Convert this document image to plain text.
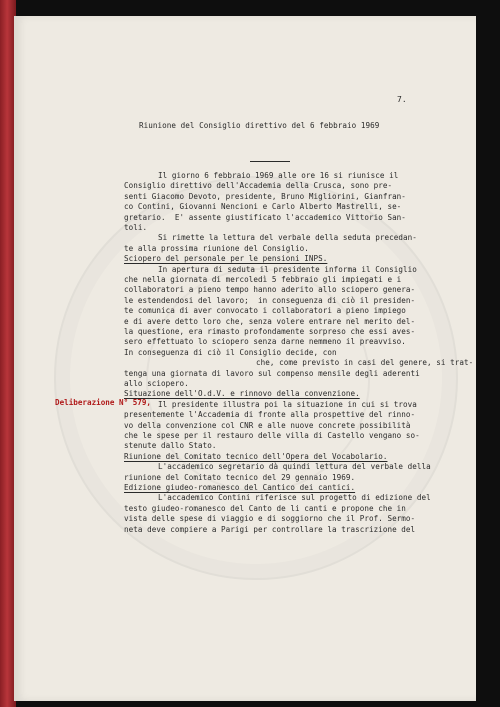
7.
Riunione del Consiglio direttivo del 6 febbraio 1969
Il giorno 6 febbraio 1969 alle ore 16 si riunisce il
Consiglio direttivo dell'Accademia della Crusca, sono pre-
senti Giacomo Devoto, presidente, Bruno Migliorini, Gianfran-
co Contini, Giovanni Nencioni e Carlo Alberto Mastrelli, se-
gretario.  E' assente giustificato l'accademico Vittorio San-
toli.
Si rimette la lettura del verbale della seduta precedan-
te alla prossima riunione del Consiglio.
Sciopero del personale per le pensioni INPS.
In apertura di seduta il presidente informa il Consiglio
che nella giornata di mercoledì 5 febbraio gli impiegati e i
collaboratori a pieno tempo hanno aderito allo sciopero genera-
le estendendosi del lavoro;  in conseguenza di ciò il presiden-
te comunica di aver convocato i collaboratori a pieno impiego
e di avere detto loro che, senza volere entrare nel merito del-
la questione, era rimasto profondamente sorpreso che essi aves-
sero effettuato lo sciopero senza darne nemmeno il preavviso.
In conseguenza di ciò il Consiglio decide, con
che, come previsto in casi del genere, si trat-
tenga una giornata di lavoro sul compenso mensile degli aderenti
allo sciopero.
Situazione dell'O.d.V. e rinnovo della convenzione.
Il presidente illustra poi la situazione in cui si trova
presentemente l'Accademia di fronte alla prospettive del rinno-
vo della convenzione col CNR e alle nuove concrete possibilità
che le spese per il restauro delle villa di Castello vengano so-
stenute dallo Stato.
Riunione del Comitato tecnico dell'Opera del Vocabolario.
L'accademico segretario dà quindi lettura del verbale della
riunione del Comitato tecnico del 29 gennaio 1969.
Edizione giudeo-romanesco del Cantico dei cantici.
L'accademico Contini riferisce sul progetto di edizione del
testo giudeo-romanesco del Canto de li canti e propone che in
vista delle spese di viaggio e di soggiorno che il Prof. Sermo-
neta deve compiere a Parigi per controllare la trascrizione del
Deliberazione N° 579,
